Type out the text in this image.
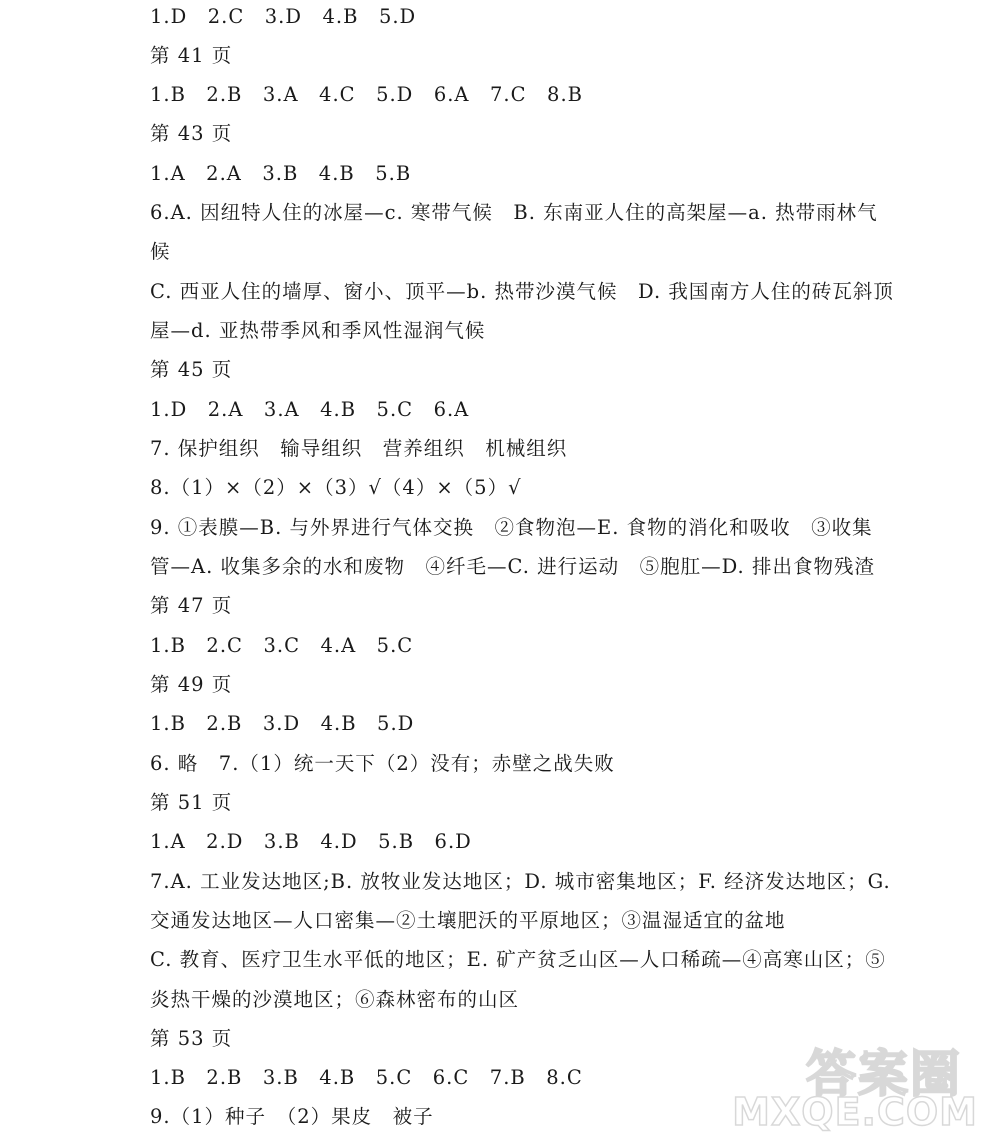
1.D　2.C　3.D　4.B　5.D
第 41 页
1.B　2.B　3.A　4.C　5.D　6.A　7.C　8.B
第 43 页
1.A　2.A　3.B　4.B　5.B
6.A. 因纽特人住的冰屋—c. 寒带气候　B. 东南亚人住的高架屋—a. 热带雨林气
候
C. 西亚人住的墙厚、窗小、顶平—b. 热带沙漠气候　D. 我国南方人住的砖瓦斜顶
屋—d. 亚热带季风和季风性湿润气候
第 45 页
1.D　2.A　3.A　4.B　5.C　6.A
7. 保护组织　输导组织　营养组织　机械组织
8.（1）×（2）×（3）√（4）×（5）√
9. ①表膜—B. 与外界进行气体交换　②食物泡—E. 食物的消化和吸收　③收集
管—A. 收集多余的水和废物　④纤毛—C. 进行运动　⑤胞肛—D. 排出食物残渣
第 47 页
1.B　2.C　3.C　4.A　5.C
第 49 页
1.B　2.B　3.D　4.B　5.D
6. 略　7.（1）统一天下（2）没有；赤壁之战失败
第 51 页
1.A　2.D　3.B　4.D　5.B　6.D
7.A. 工业发达地区;B. 放牧业发达地区；D. 城市密集地区；F. 经济发达地区；G.
交通发达地区—人口密集—②土壤肥沃的平原地区；③温湿适宜的盆地
C. 教育、医疗卫生水平低的地区；E. 矿产贫乏山区—人口稀疏—④高寒山区；⑤
炎热干燥的沙漠地区；⑥森林密布的山区
第 53 页
1.B　2.B　3.B　4.B　5.C　6.C　7.B　8.C
9.（1）种子　（2）果皮　被子
答案圈
MXQE.COM
